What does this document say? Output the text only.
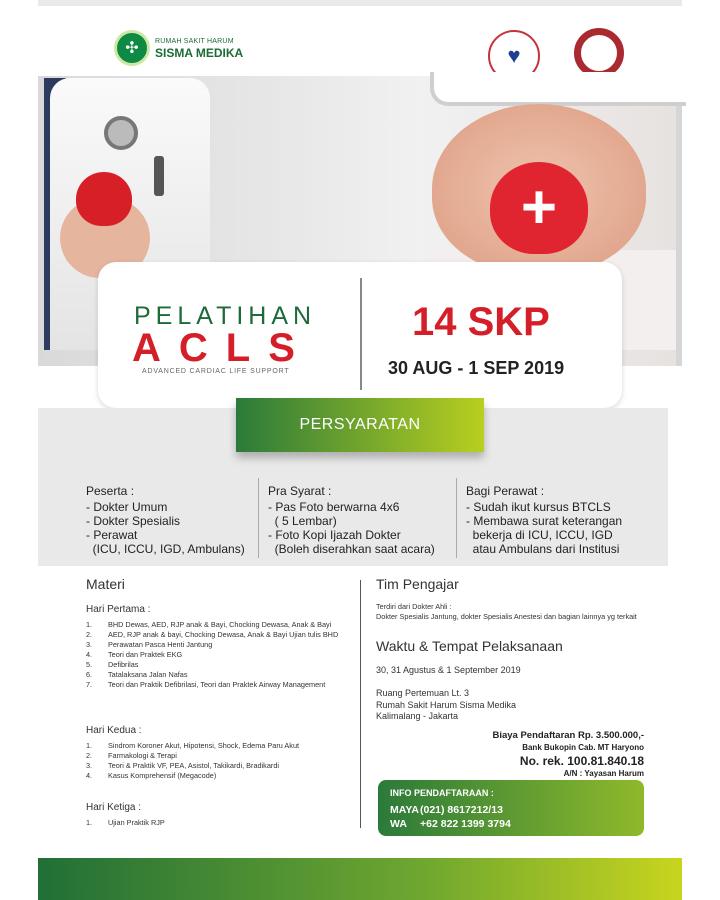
✣	RUMAH SAKIT HARUM
SISMA MEDIKA	♥
+
PELATIHAN
ACLS
ADVANCED CARDIAC LIFE SUPPORT
14 SKP
30 AUG - 1 SEP 2019
PERSYARATAN
Peserta :
- Dokter Umum
- Dokter Spesialis
- Perawat
(ICU, ICCU, IGD, Ambulans)
Pra Syarat :
- Pas Foto berwarna 4x6
( 5 Lembar)
- Foto Kopi Ijazah Dokter
(Boleh diserahkan saat acara)
Bagi Perawat :
- Sudah ikut kursus BTCLS
- Membawa surat keterangan
bekerja di ICU, ICCU, IGD
atau Ambulans dari Institusi
Materi
Hari Pertama :
1. BHD Dewas, AED, RJP anak & Bayi, Chocking Dewasa, Anak & Bayi
2. AED, RJP anak & bayi, Chocking Dewasa, Anak & Bayi Ujian tulis BHD
3. Perawatan Pasca Henti Jantung
4. Teori dan Praktek EKG
5. Defibrilas
6. Tatalaksana Jalan Nafas
7. Teori dan Praktik Defibrilasi, Teori dan Praktek Airway Management
Hari Kedua :
1. Sindrom Koroner Akut, Hipotensi, Shock, Edema Paru Akut
2. Farmakologi & Terapi
3. Teori & Praktik VF, PEA, Asistol, Takikardi, Bradikardi
4. Kasus Komprehensif (Megacode)
Hari Ketiga :
1. Ujian Praktik RJP
Tim Pengajar
Terdiri dari Dokter Ahli :
Dokter Spesialis Jantung, dokter Spesialis Anestesi dan bagian lainnya yg terkait
Waktu & Tempat Pelaksanaan
30, 31 Agustus & 1 September 2019
Ruang Pertemuan Lt. 3
Rumah Sakit Harum Sisma Medika
Kalimalang - Jakarta
Biaya Pendaftaran Rp. 3.500.000,-
Bank Bukopin Cab. MT Haryono
No. rek. 100.81.840.18
A/N : Yayasan Harum
INFO PENDAFTARAAN :
MAYA (021) 8617212/13
WA	+62 822 1399 3794
